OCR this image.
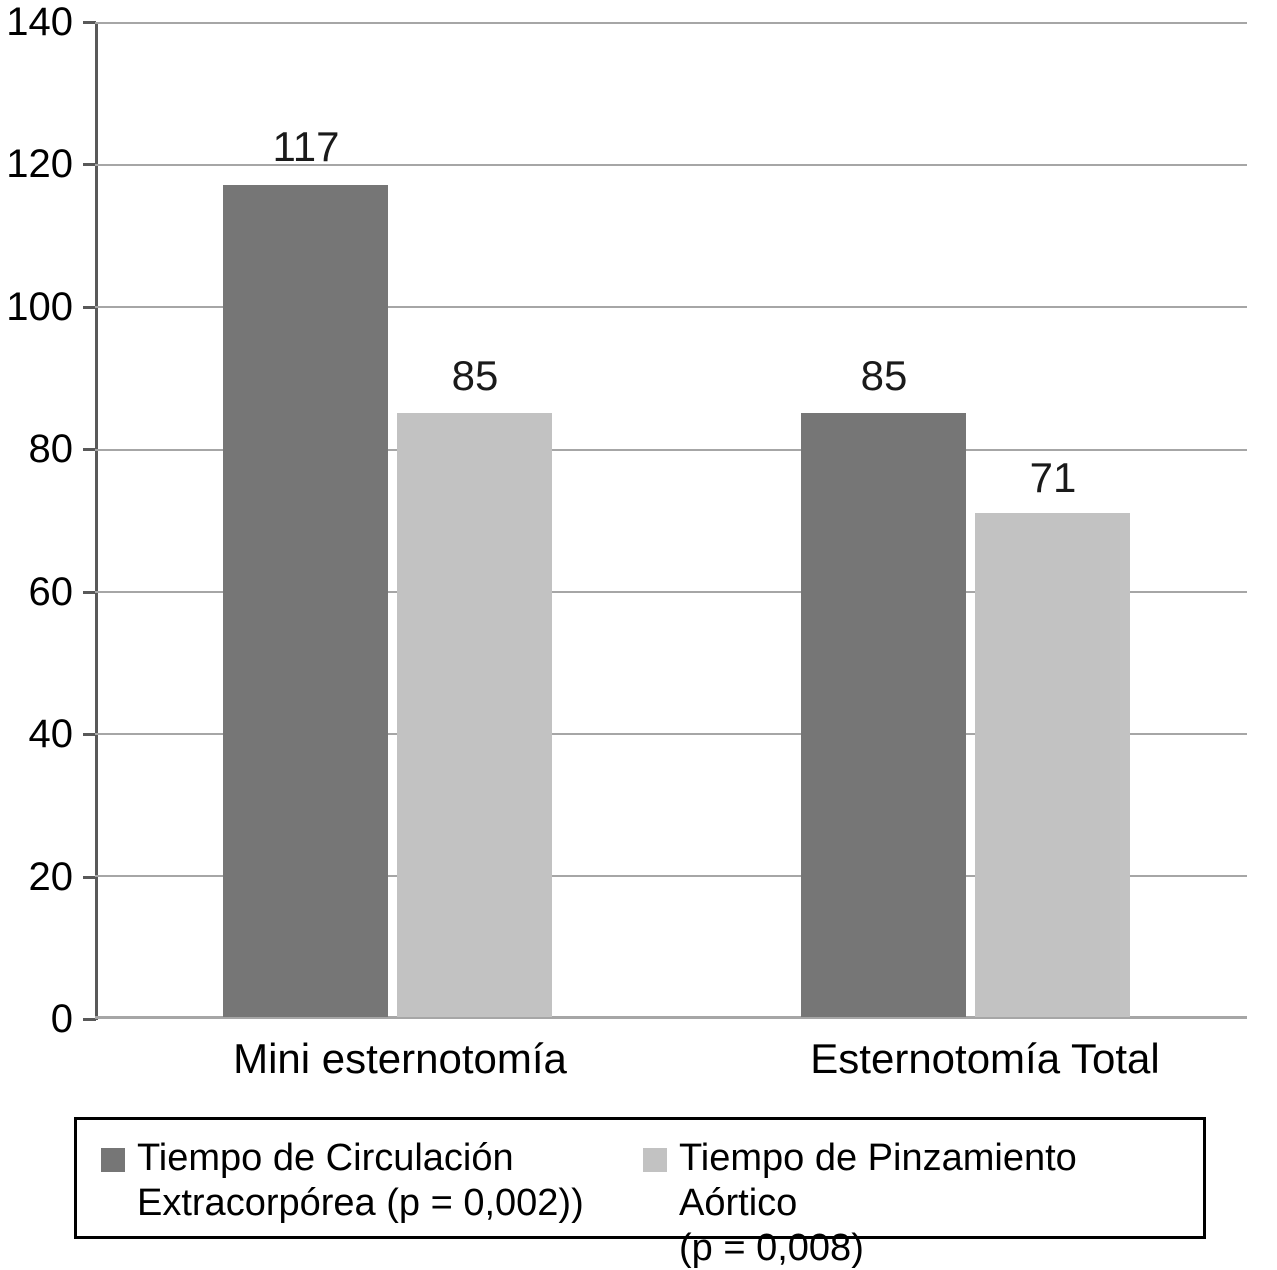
140
120
100
80
60
40
20
0
117
85	85
71
Mini esternotomía	Esternotomía Total
Tiempo de Circulación
Extracorpórea (p = 0,002))
Tiempo de Pinzamiento Aórtico
(p = 0,008)
